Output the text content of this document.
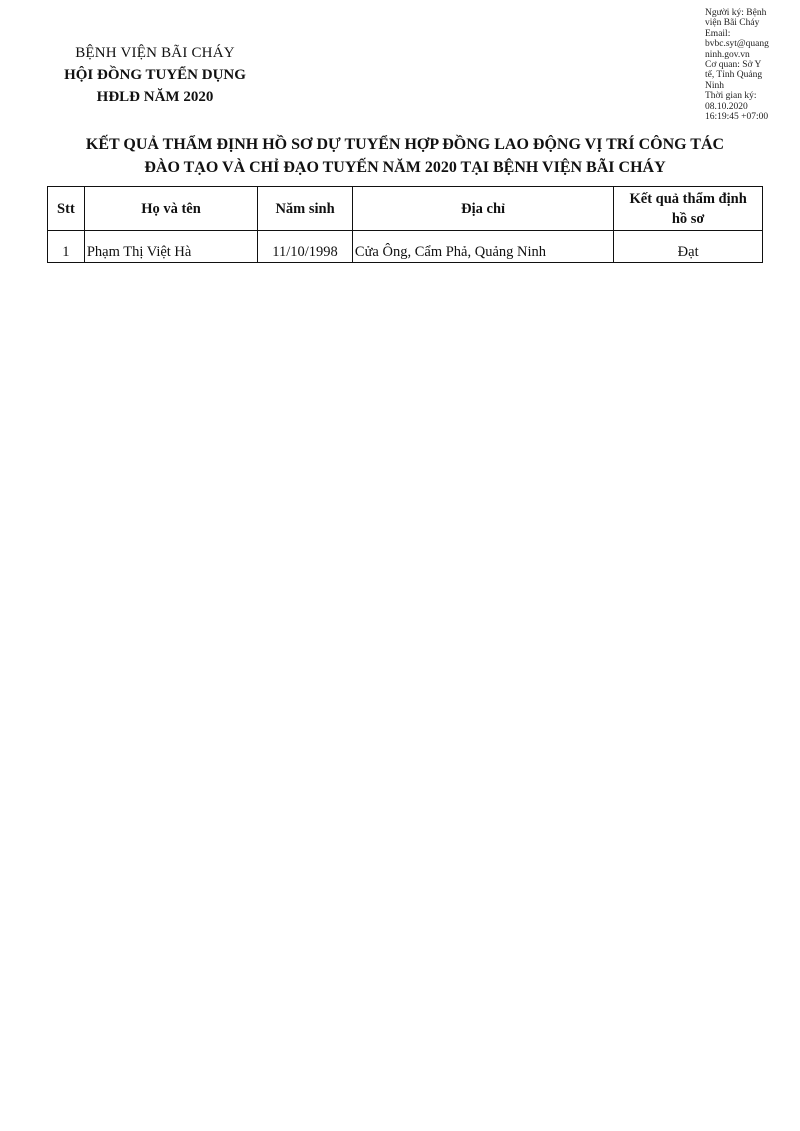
BỆNH VIỆN BÃI CHÁY
HỘI ĐỒNG TUYỂN DỤNG
HĐLĐ NĂM 2020
Người ký: Bệnh
viện Bãi Cháy
Email:
bvbc.syt@quang
ninh.gov.vn
Cơ quan: Sở Y
tế, Tỉnh Quảng
Ninh
Thời gian ký:
08.10.2020
16:19:45 +07:00
KẾT QUẢ THẨM ĐỊNH HỒ SƠ DỰ TUYỂN HỢP ĐỒNG LAO ĐỘNG VỊ TRÍ CÔNG TÁC
ĐÀO TẠO VÀ CHỈ ĐẠO TUYẾN NĂM 2020 TẠI BỆNH VIỆN BÃI CHÁY
Stt	Họ và tên	Năm sinh	Địa chỉ	Kết quả thẩm định
hồ sơ

1	Phạm Thị Việt Hà	11/10/1998	Cửa Ông, Cẩm Phả, Quảng Ninh	Đạt
